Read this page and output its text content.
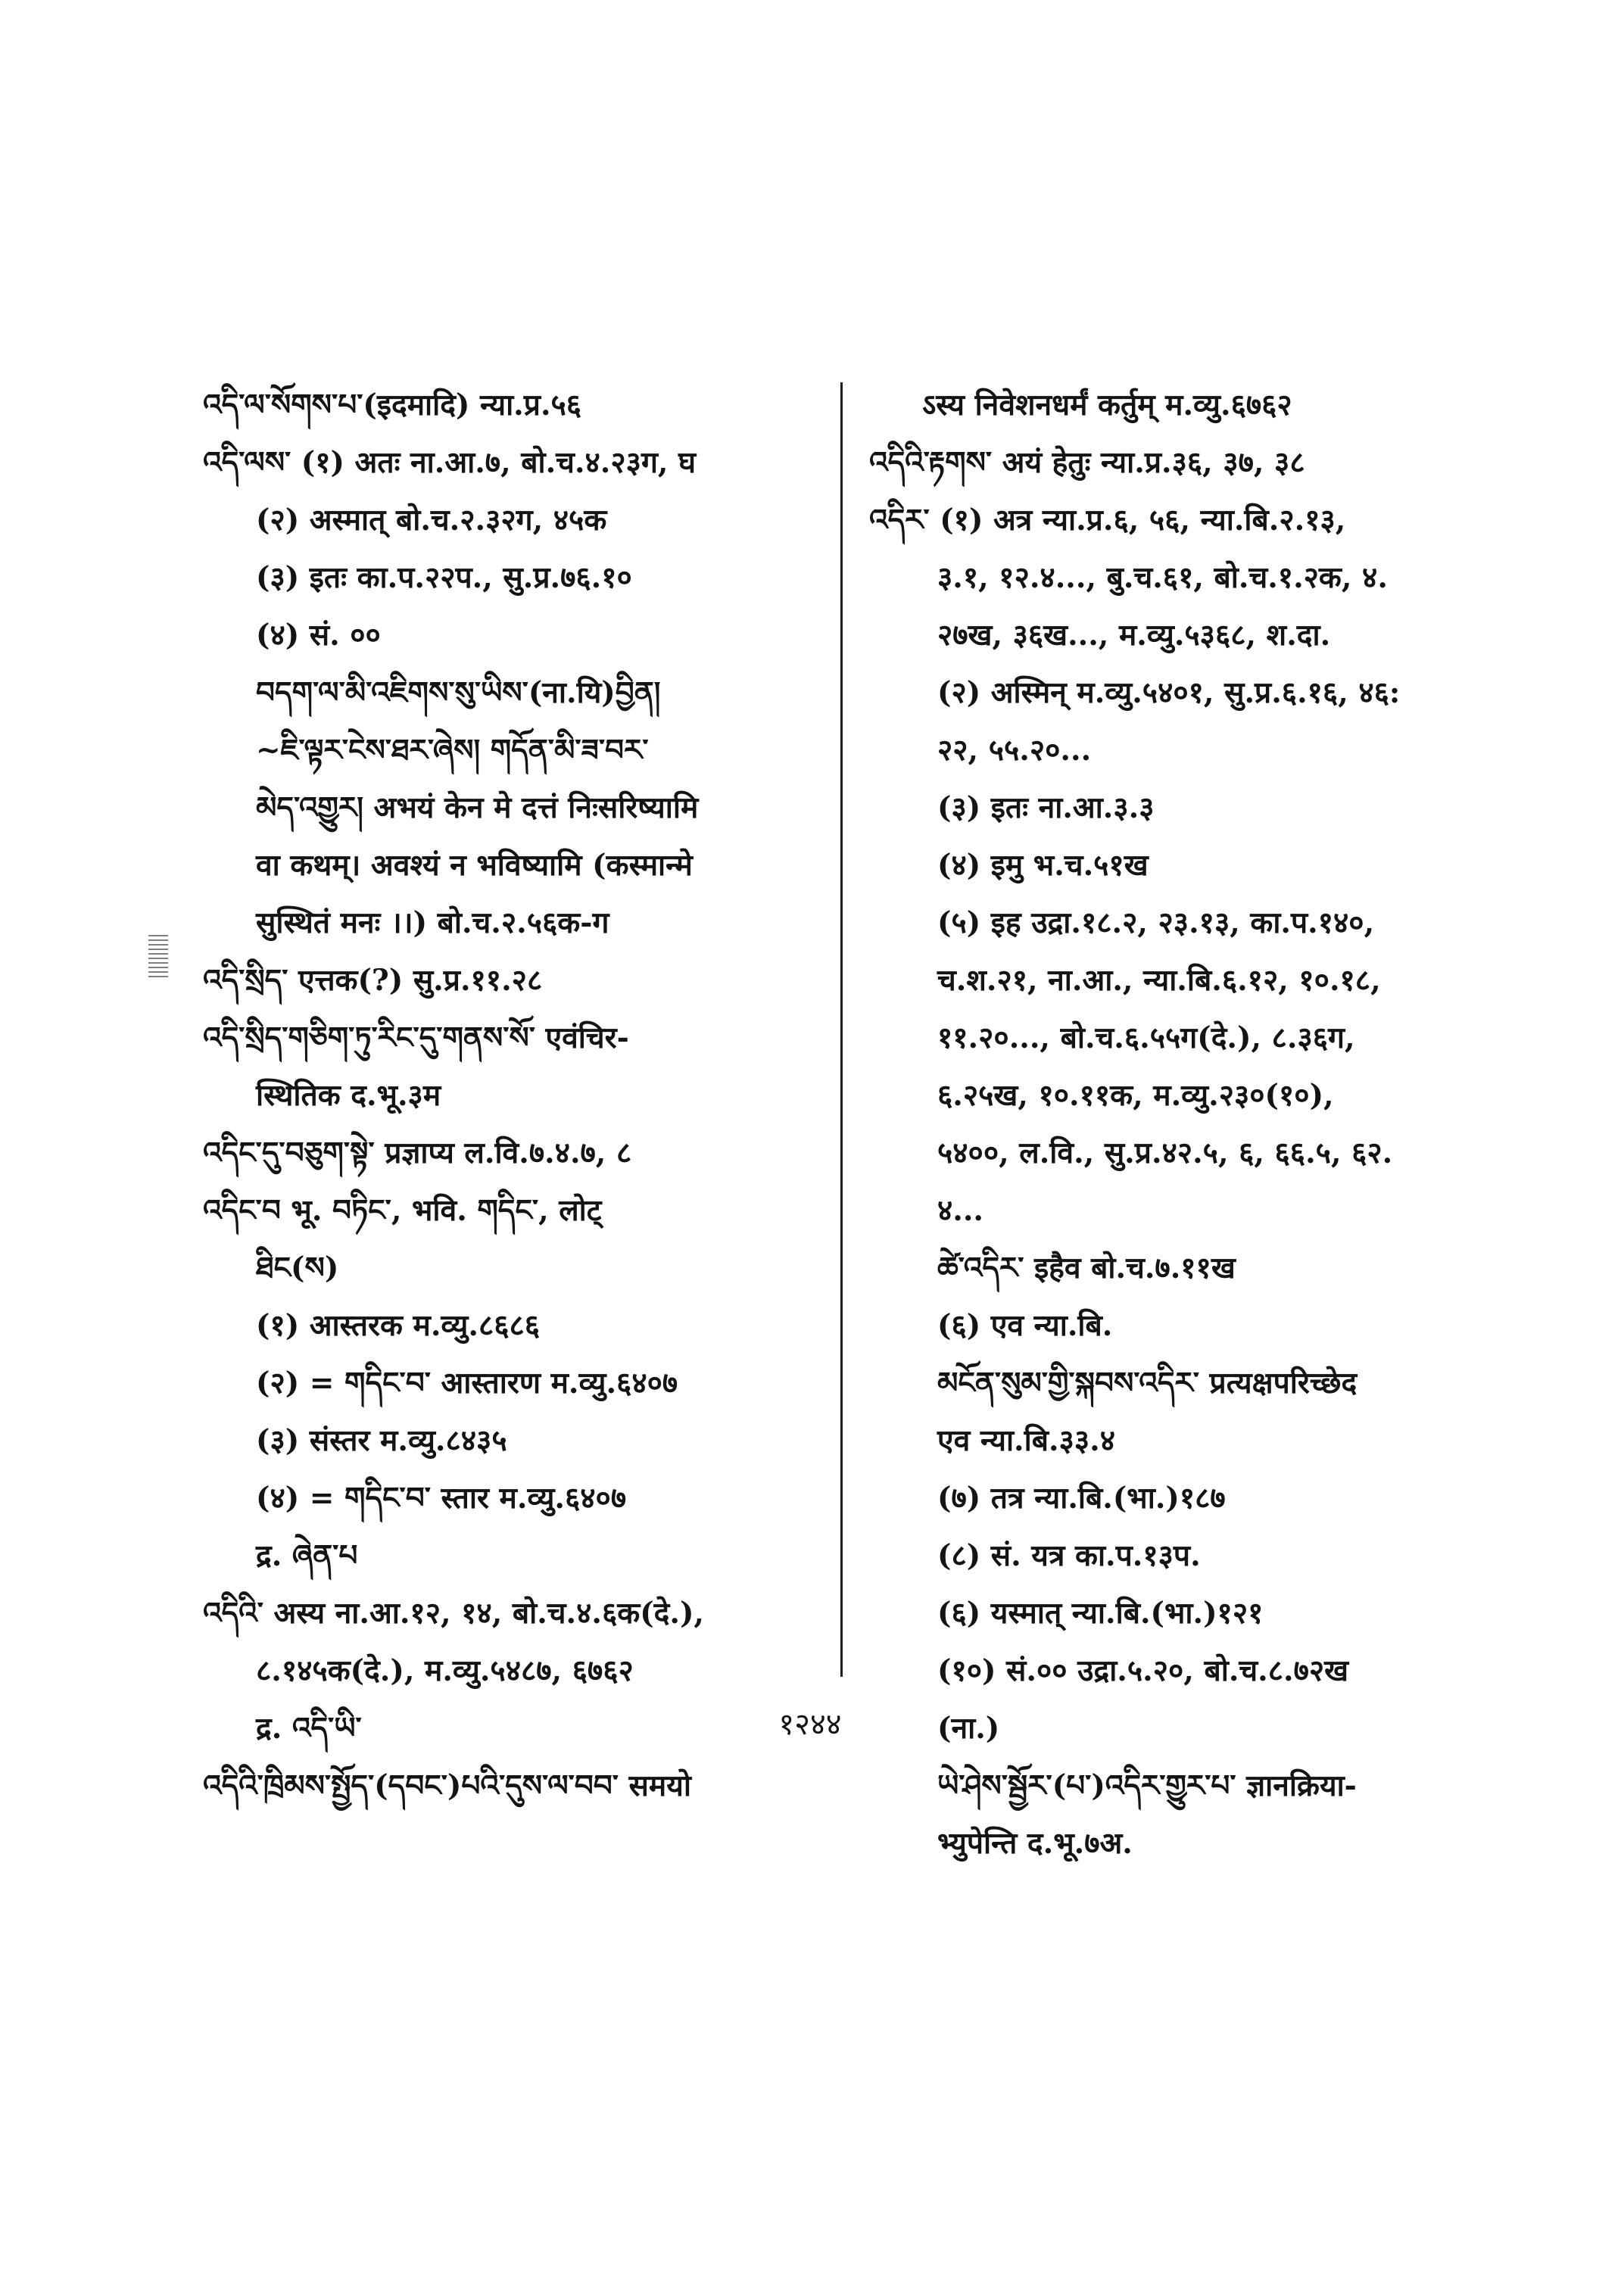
འདི་ལ་སོགས་པ་(इदमादि) न्या.प्र.५६
འདི་ལས་ (१) अतः ना.आ.७, बो.च.४.२३ग, घ
(२) अस्मात् बो.च.२.३२ग, ४५क
(३) इतः का.प.२२प., सु.प्र.७६.१०
(४) सं. ००
བདག་ལ་མི་འཇིགས་སུ་ཡིས་(ना.यि)བྱིན།
~ཇི་ལྟར་ངེས་ཐར་ཞེས། གདོན་མི་ཟ་བར་
མེད་འགྱུར། अभयं केन मे दत्तं निःसरिष्यामि
वा कथम्। अवश्यं न भविष्यामि (कस्मान्मे
सुस्थितं मनः ।।) बो.च.२.५६क-ग
འདི་སྲིད་ एत्तक(?) सु.प्र.११.२८
འདི་སྲིད་གཅིག་ཏུ་རིང་དུ་གནས་སོ་ एवंचिर-
स्थितिक द.भू.३म
འདིང་དུ་བཅུག་སྟེ་ प्रज्ञाप्य ल.वि.७.४.७, ८
འདིང་བ भू. བཏིང་, भवि. གདིང་, लोट्
ཐིང(ས)
(१) आस्तरक म.व्यु.८६८६
(२) = གདིང་བ་ आस्तारण म.व्यु.६४०७
(३) संस्तर म.व्यु.८४३५
(४) = གདིང་བ་ स्तार म.व्यु.६४०७
द्र. ཞེན་པ
འདིའི་ अस्य ना.आ.१२, १४, बो.च.४.६क(दे.),
८.१४५क(दे.), म.व्यु.५४८७, ६७६२
द्र. འདི་ཡི་
འདིའི་ཁྲིམས་སྤྱོད་(དབང་)པའི་དུས་ལ་བབ་ समयो
ऽस्य निवेशनधर्मं कर्तुम् म.व्यु.६७६२
འདིའི་རྟགས་ अयं हेतुः न्या.प्र.३६, ३७, ३८
འདིར་ (१) अत्र न्या.प्र.६, ५६, न्या.बि.२.१३,
३.१, १२.४..., बु.च.६१, बो.च.१.२क, ४.
२७ख, ३६ख..., म.व्यु.५३६८, श.दा.
(२) अस्मिन् म.व्यु.५४०१, सु.प्र.६.१६, ४६:
२२, ५५.२०...
(३) इतः ना.आ.३.३
(४) इमु भ.च.५१ख
(५) इह उद्रा.१८.२, २३.१३, का.प.१४०,
च.श.२१, ना.आ., न्या.बि.६.१२, १०.१८,
११.२०..., बो.च.६.५५ग(दे.), ८.३६ग,
६.२५ख, १०.११क, म.व्यु.२३०(१०),
५४००, ल.वि., सु.प्र.४२.५, ६, ६६.५, ६२.
४...
ཚེ་འདིར་ इहैव बो.च.७.११ख
(६) एव न्या.बि.
མངོན་སུམ་གྱི་སྐབས་འདིར་ प्रत्यक्षपरिच्छेद
एव न्या.बि.३३.४
(७) तत्र न्या.बि.(भा.)१८७
(८) सं. यत्र का.प.१३प.
(६) यस्मात् न्या.बि.(भा.)१२१
(१०) सं.०० उद्रा.५.२०, बो.च.८.७२ख
(ना.)
ཡེ་ཤེས་སྦྱོར་(པ་)འདིར་གྱུར་པ་ ज्ञानक्रिया-
भ्युपेन्ति द.भू.७अ.
१२४४
